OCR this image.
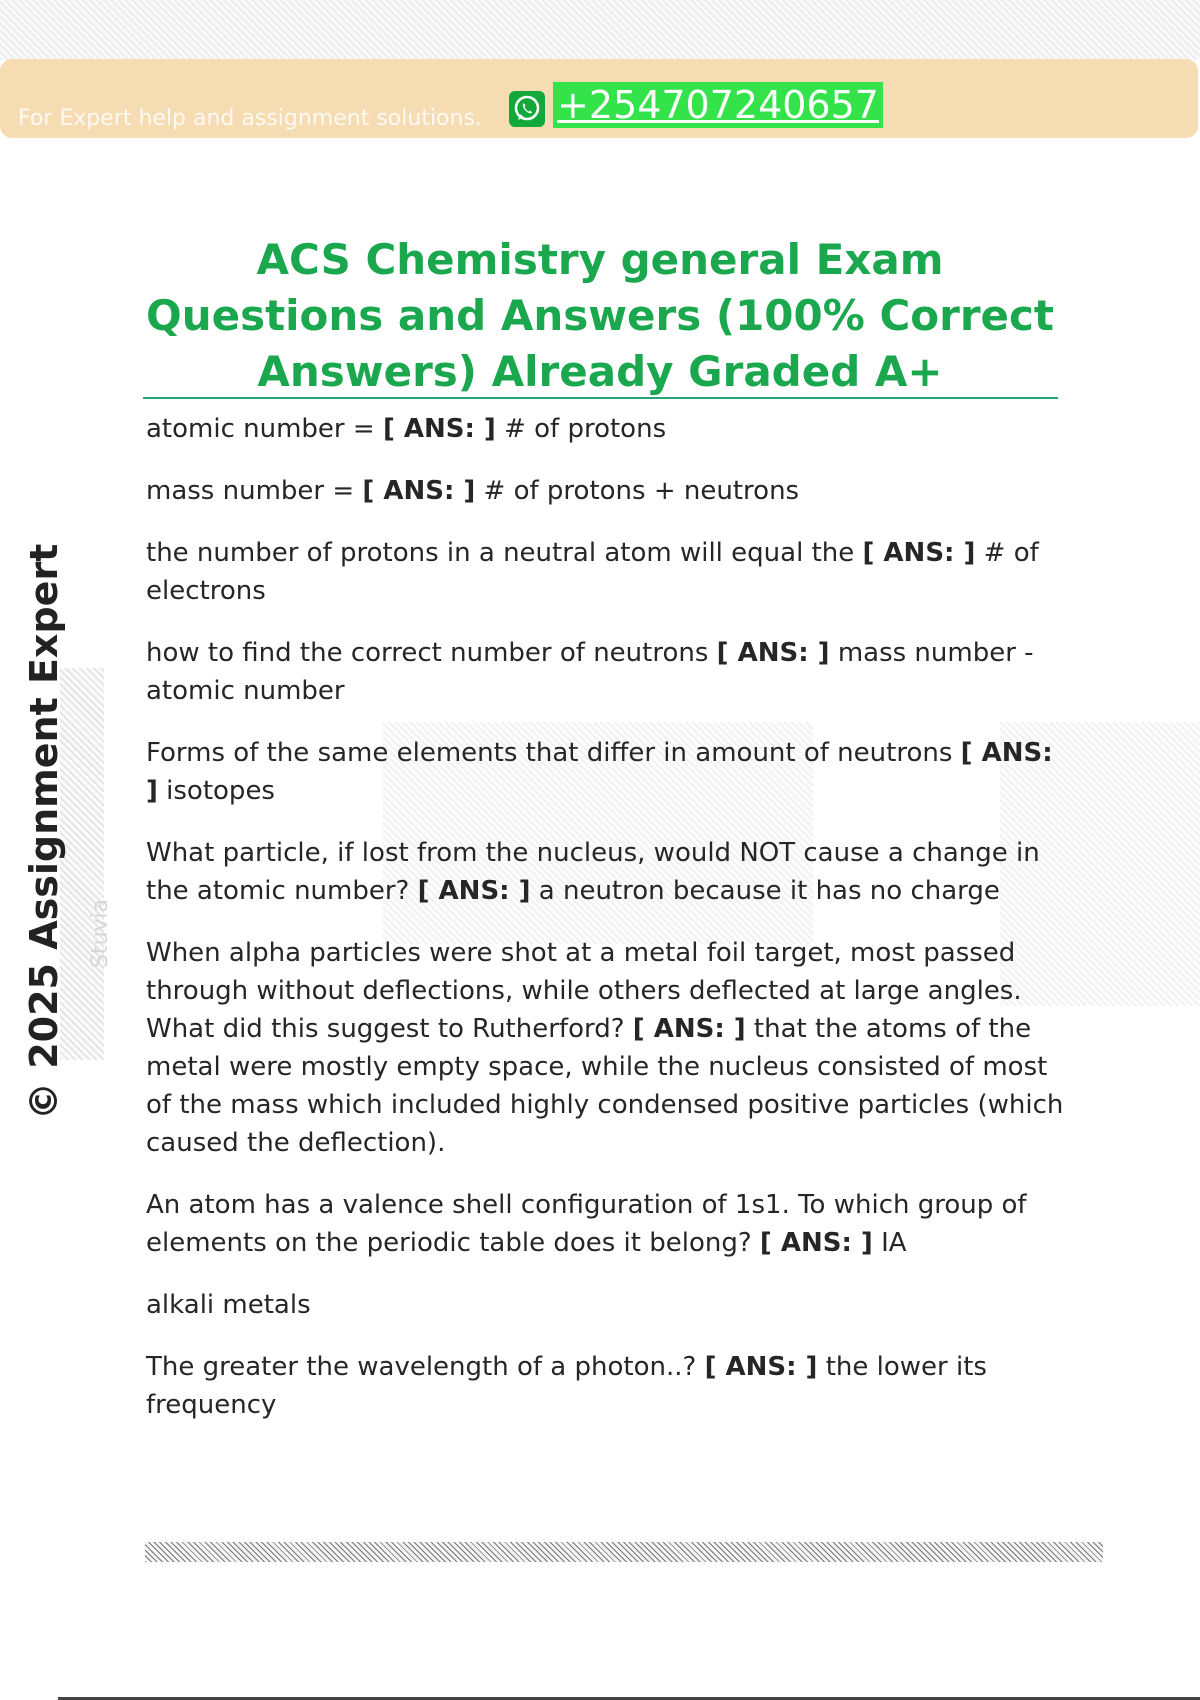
For Expert help and assignment solutions. +254707240657
ACS Chemistry general Exam Questions and Answers (100% Correct Answers) Already Graded A+
Stuvia
© 2025 Assignment Expert

atomic number = [ ANS: ] # of protons

mass number = [ ANS: ] # of protons + neutrons

the number of protons in a neutral atom will equal the [ ANS: ] # of electrons

how to find the correct number of neutrons [ ANS: ] mass number - atomic number

Forms of the same elements that differ in amount of neutrons [ ANS: ] isotopes

What particle, if lost from the nucleus, would NOT cause a change in the atomic number? [ ANS: ] a neutron because it has no charge

When alpha particles were shot at a metal foil target, most passed through without deflections, while others deflected at large angles. What did this suggest to Rutherford? [ ANS: ] that the atoms of the metal were mostly empty space, while the nucleus consisted of most of the mass which included highly condensed positive particles (which caused the deflection).

An atom has a valence shell configuration of 1s1. To which group of elements on the periodic table does it belong? [ ANS: ] IA

alkali metals

The greater the wavelength of a photon..? [ ANS: ] the lower its frequency
